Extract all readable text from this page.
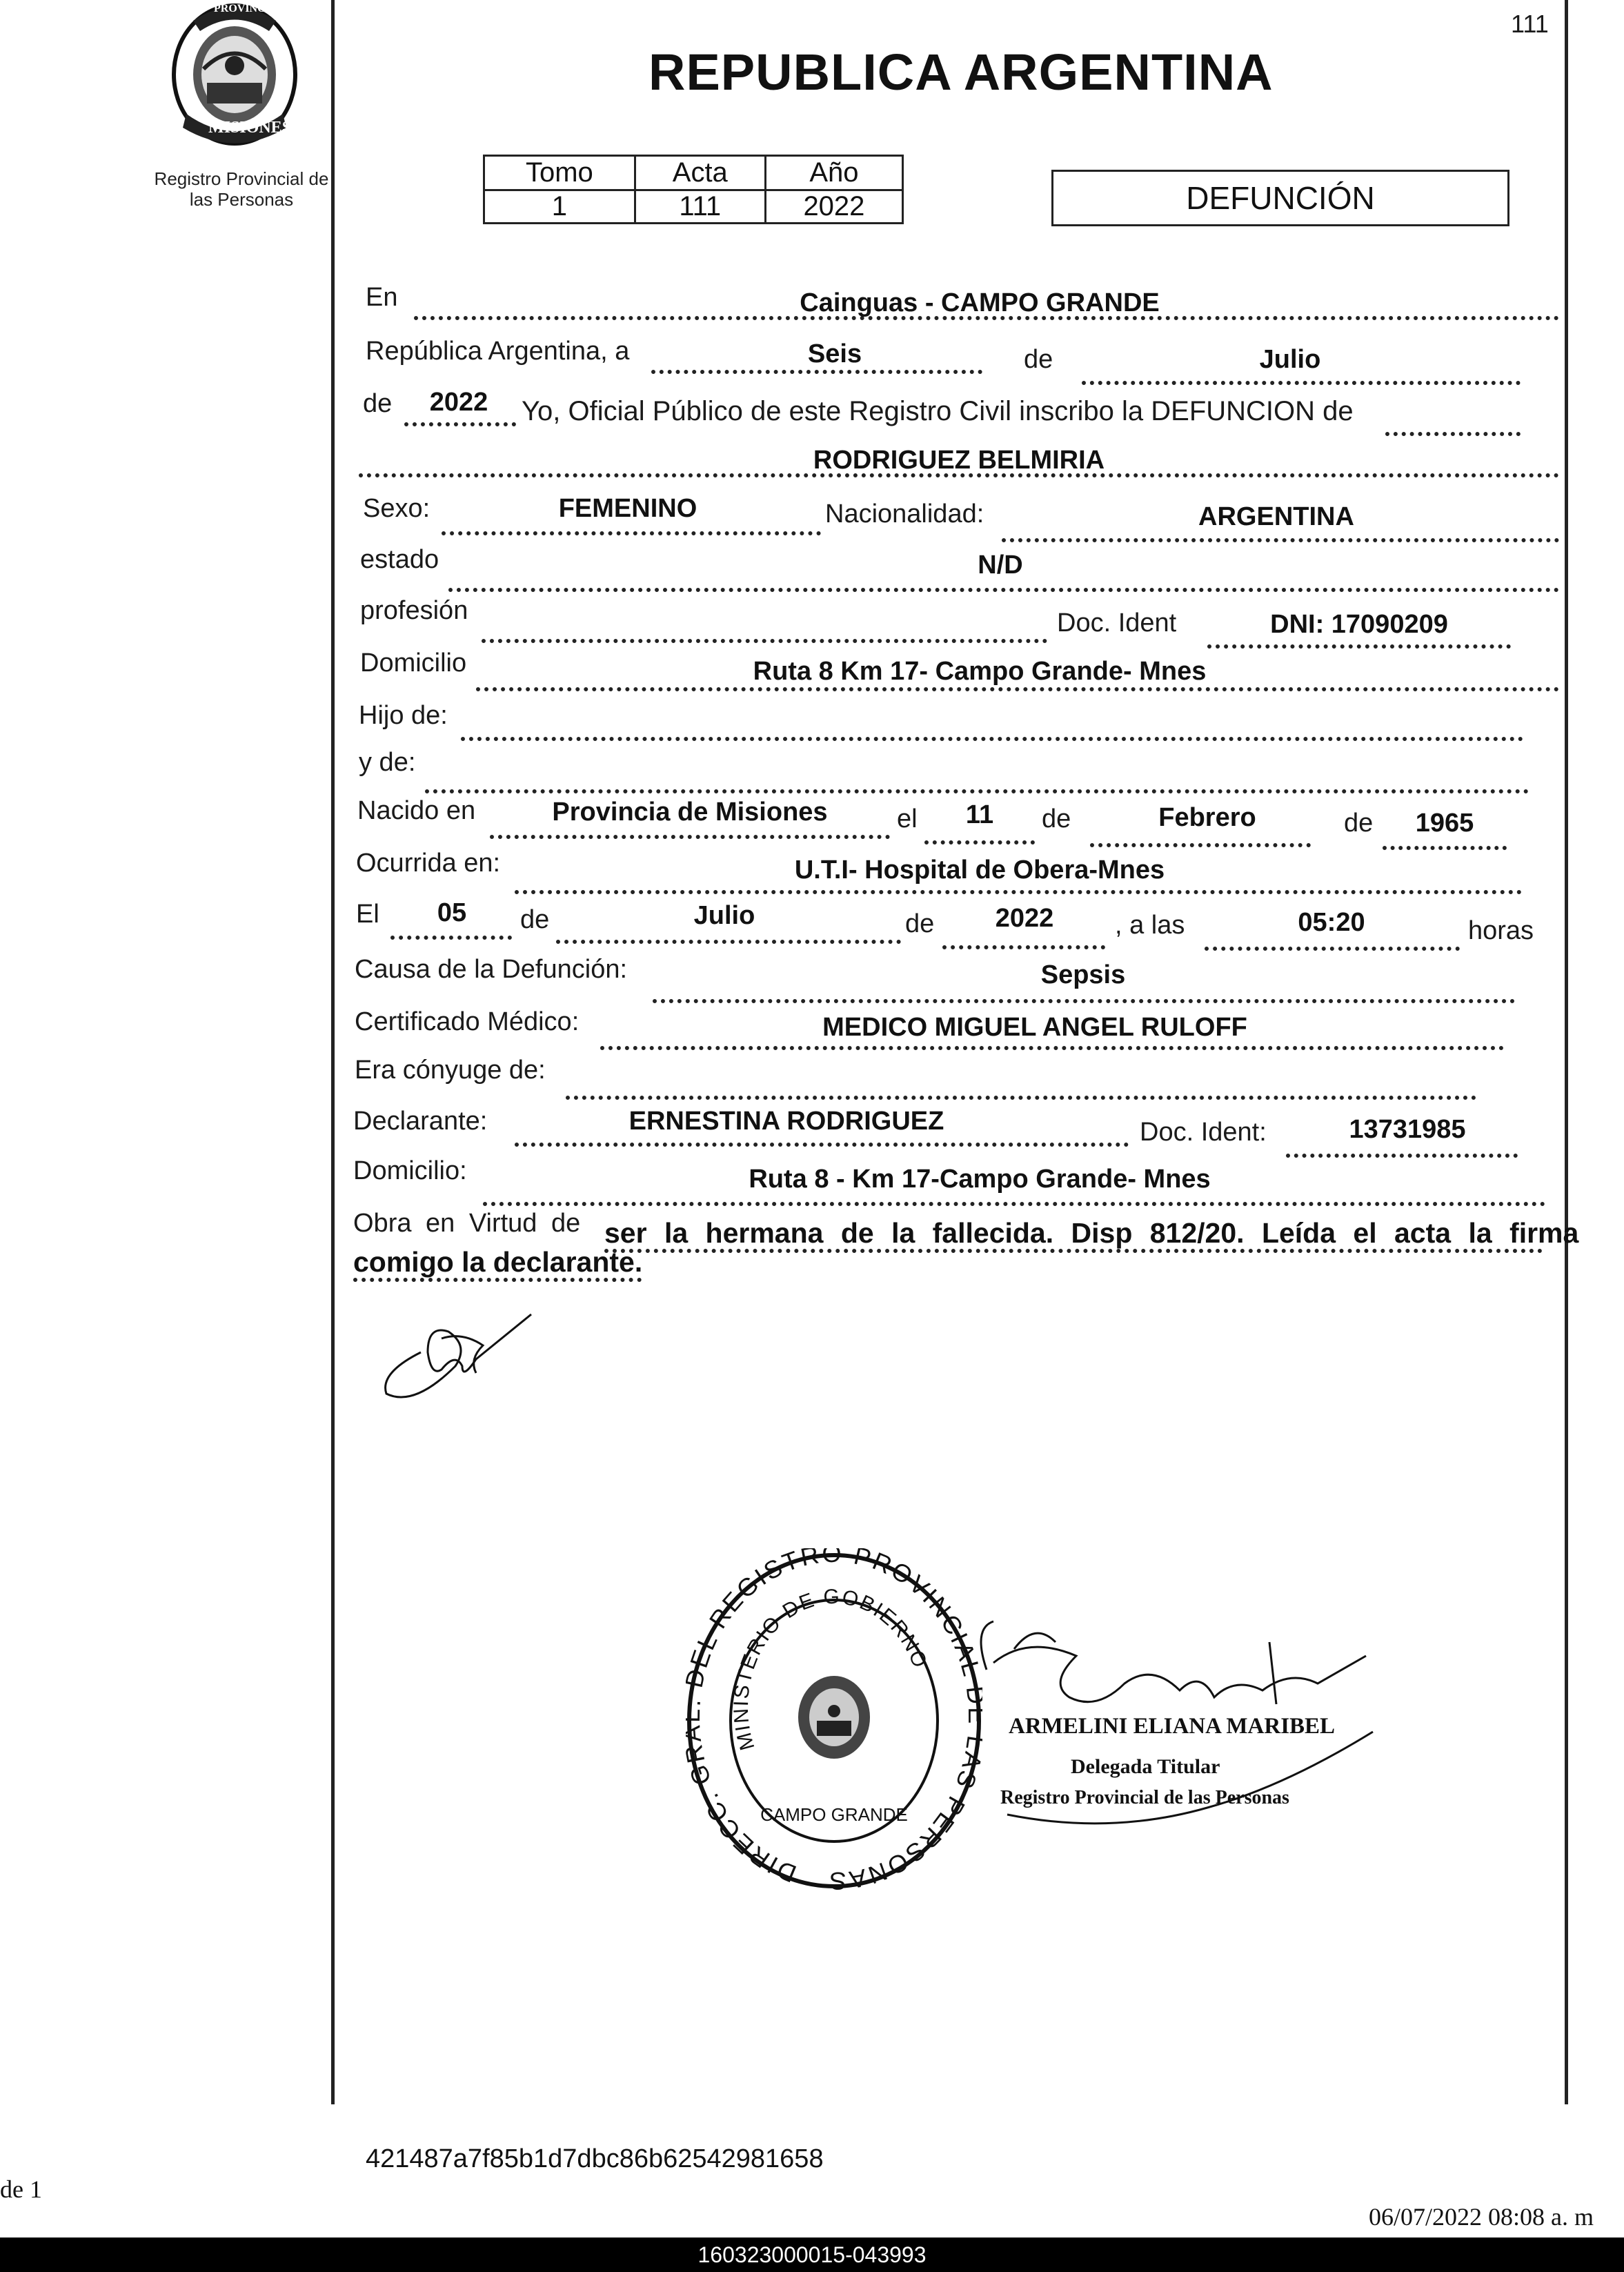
PROVINCIA DE
MISIONES
Registro Provincial de
las Personas
111
REPUBLICA ARGENTINA
Tomo	Acta	Año
1	111	2022	DEFUNCIÓN
En	Cainguas - CAMPO GRANDE
República Argentina, a	Seis	de	Julio
de	2022	Yo, Oficial Público de este Registro Civil inscribo la DEFUNCION de
RODRIGUEZ BELMIRIA
Sexo:	FEMENINO	Nacionalidad:	ARGENTINA
estado	N/D
profesión	Doc. Ident	DNI: 17090209
Domicilio	Ruta 8 Km 17- Campo Grande- Mnes
Hijo de:
y de:
Nacido en	Provincia de Misiones	el	11	de	Febrero	de	1965
Ocurrida en:	U.T.I- Hospital de Obera-Mnes
El	05	de	Julio	de	2022	, a las	05:20	horas
Causa de la Defunción:	Sepsis
Certificado Médico:	MEDICO MIGUEL ANGEL RULOFF
Era cónyuge de:
Declarante:	ERNESTINA RODRIGUEZ	Doc. Ident:	13731985
Domicilio:	Ruta 8 - Km 17-Campo Grande- Mnes
Obra en Virtud de ser la hermana de la fallecida. Disp 812/20. Leída el acta la firma
comigo la declarante.
DIRECC. G EL REGISTRO PROVINCIA S PERSONAS
MINISTERIO DE GOBIERNO
CAMPO GRANDE
ARMELINI ELIANA MARIBEL
Delegada Titular
Registro Provincial de las Personas
421487a7f85b1d7dbc86b62542981658
de 1
06/07/2022 08:08 a. m
160323000015-043993
